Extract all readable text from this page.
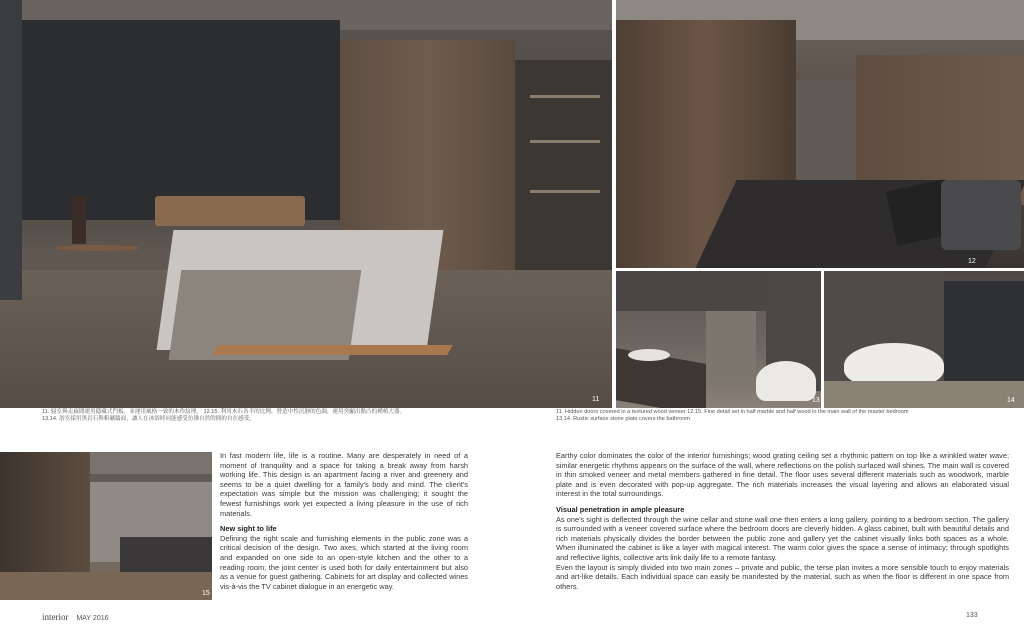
11
12
13	14
15
11. 寢室與走廊間運用隱藏式門板，並運用風格一致的木作紋理。 12.15. 利用木石各半的比例，營造中性沉靜的色調，運用突顯出點凸的種植大器。
13.14. 浴室採用黑岩石與粗礦牆面，讓人在沐浴時同能感受彷彿自然的間的自在感受。
11. Hidden doors covered in a textured wood veneer 12.15. Fine detail set in half marble and half wood in the main wall of the master bedroom
13.14. Rustic surface stone plate covers the bathroom

In fast modern life, life is a routine. Many are desperately in need of a moment of tranquility and a space for taking a break away from harsh working life. This design is an apartment facing a river and greenery and seems to be a quiet dwelling for a family's body and mind. The client's expectation was simple but the mission was challenging; it sought the fewest furnishings work yet expected a living pleasure in the use of rich materials.

New sight to life

Defining the right scale and furnishing elements in the public zone was a critical decision of the design. Two axes, which started at the living room and expanded on one side to an open-style kitchen and the other to a reading room; the joint center is used both for daily entertainment but also as a venue for guest gathering. Cabinets for art display and collected wines vis-à-vis the TV cabinet dialogue in an energetic way.

Earthy color dominates the color of the interior furnishings; wood grating ceiling set a rhythmic pattern on top like a wrinkled water wave; similar energetic rhythms appears on the surface of the wall, where reflections on the polish surfaced wall shines. The main wall is covered in thin smoked veneer and metal members gathered in fine detail. The floor uses several different materials such as woodwork, marble plate and is even decorated with pop-up aggregate. The rich materials increases the visual layering and allows an elaborated visual interest in the total surroundings.

Visual penetration in ample pleasure

As one's sight is deflected through the wine cellar and stone wall one then enters a long gallery, pointing to a bedroom section. The gallery is surrounded with a veneer covered surface where the bedroom doors are cleverly hidden. A glass cabinet, built with beautiful details and rich materials physically divides the border between the public zone and gallery yet the cabinet visually links both spaces as a whole. When illuminated the cabinet is like a layer with magical interest. The warm color gives the space a sense of intimacy; through spotlights and reflective lights, collective arts link daily life to a remote fantasy.

Even the layout is simply divided into two main zones – private and public, the terse plan invites a more sensible touch to enjoy materials and art-like details. Each individual space can easily be manifested by the material, such as when the floor is different in one space from others.

interior MAY 2016	133
